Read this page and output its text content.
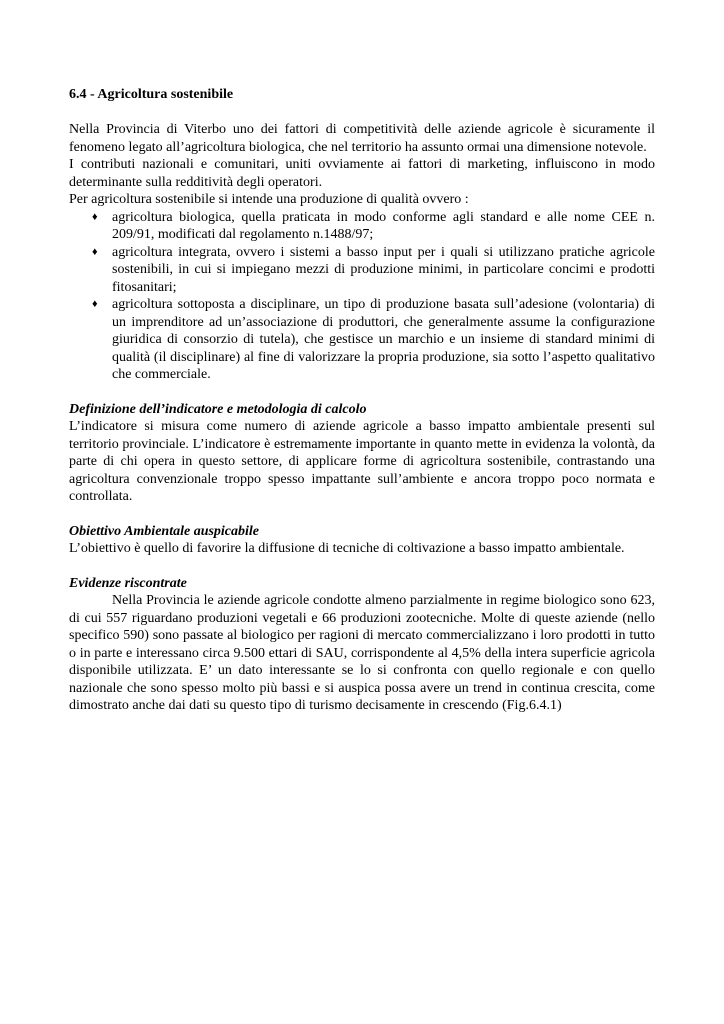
6.4 - Agricoltura sostenibile

Nella Provincia di Viterbo uno dei fattori di competitività delle aziende agricole è sicuramente il fenomeno legato all’agricoltura biologica, che nel territorio ha assunto ormai una dimensione notevole.

I contributi nazionali e comunitari, uniti ovviamente ai fattori di marketing, influiscono in modo determinante sulla redditività degli operatori.

Per agricoltura sostenibile si intende una produzione di qualità ovvero :

♦ agricoltura biologica, quella praticata in modo conforme agli standard e alle nome CEE n. 209/91, modificati dal regolamento n.1488/97;
♦ agricoltura integrata, ovvero i sistemi a basso input per i quali si utilizzano pratiche agricole sostenibili, in cui si impiegano mezzi di produzione minimi, in particolare concimi e prodotti fitosanitari;
♦ agricoltura sottoposta a disciplinare, un tipo di produzione basata sull’adesione (volontaria) di un imprenditore ad un’associazione di produttori, che generalmente assume la configurazione giuridica di consorzio di tutela), che gestisce un marchio e un insieme di standard minimi di qualità (il disciplinare) al fine di valorizzare la propria produzione, sia sotto l’aspetto qualitativo che commerciale.
Definizione dell’indicatore e metodologia di calcolo

L’indicatore si misura come numero di aziende agricole a basso impatto ambientale presenti sul territorio provinciale. L’indicatore è estremamente importante in quanto mette in evidenza la volontà, da parte di chi opera in questo settore, di applicare forme di agricoltura sostenibile, contrastando una agricoltura convenzionale troppo spesso impattante sull’ambiente e ancora troppo poco normata e controllata.

Obiettivo Ambientale auspicabile

L’obiettivo è quello di favorire la diffusione di tecniche di coltivazione a basso impatto ambientale.

Evidenze riscontrate

Nella Provincia le aziende agricole condotte almeno parzialmente in regime biologico sono 623, di cui 557 riguardano produzioni vegetali e 66 produzioni zootecniche. Molte di queste aziende (nello specifico 590) sono passate al biologico per ragioni di mercato commercializzano i loro prodotti in tutto o in parte e interessano circa 9.500 ettari di SAU, corrispondente al 4,5% della intera superficie agricola disponibile utilizzata. E’ un dato interessante se lo si confronta con quello regionale e con quello nazionale che sono spesso molto più bassi e si auspica possa avere un trend in continua crescita, come dimostrato anche dai dati su questo tipo di turismo decisamente in crescendo (Fig.6.4.1)
